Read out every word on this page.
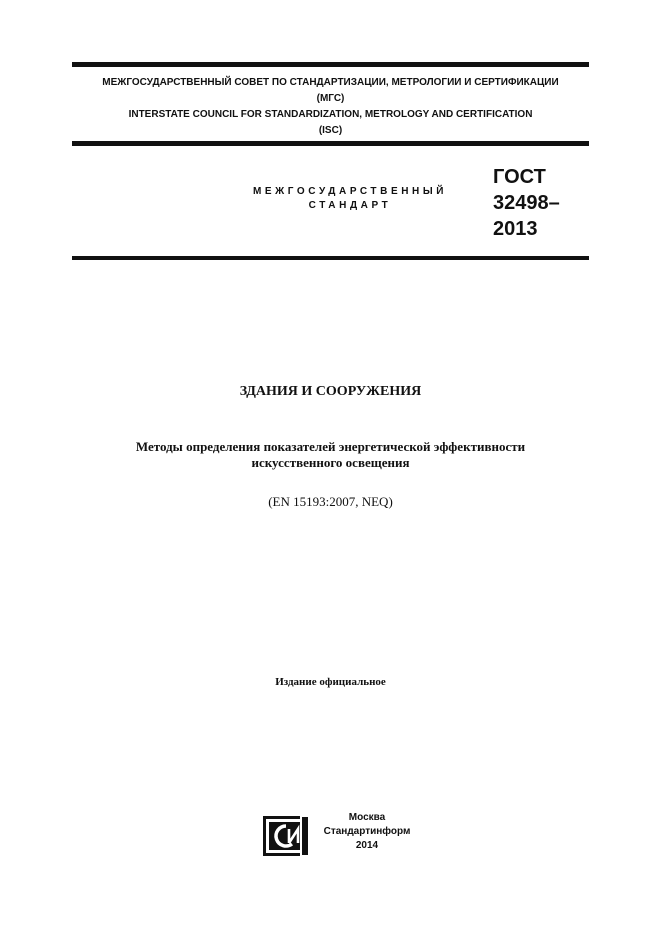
МЕЖГОСУДАРСТВЕННЫЙ СОВЕТ ПО СТАНДАРТИЗАЦИИ, МЕТРОЛОГИИ И СЕРТИФИКАЦИИ
(МГС)
INTERSTATE COUNCIL FOR STANDARDIZATION, METROLOGY AND CERTIFICATION
(ISC)
МЕЖГОСУДАРСТВЕННЫЙ
СТАНДАРТ
ГОСТ
32498–
2013
ЗДАНИЯ И СООРУЖЕНИЯ
Методы определения показателей энергетической эффективности
искусственного освещения
(EN 15193:2007, NEQ)
Издание официальное
Москва
Стандартинформ
2014
